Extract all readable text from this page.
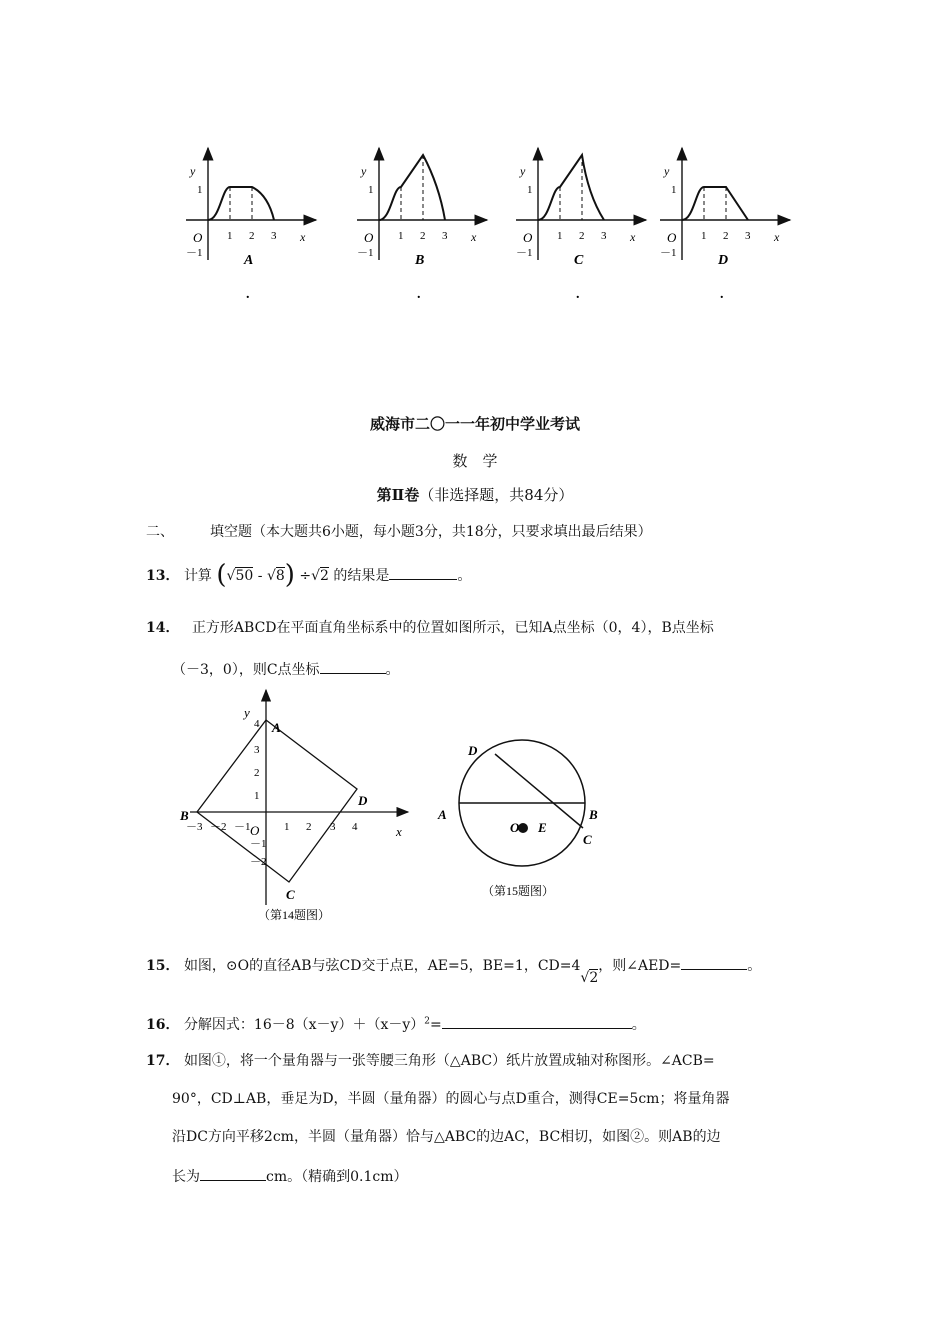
y
1
O
－1
1 2 3 x
A
.
y
1
O
－1
1 2 3 x
B
.
y
1
O
－1
1 2 3 x
C
.
y
1
O
－1
1 2 3 x
D
.
威海市二〇一一年初中学业考试
数　学
第Ⅱ卷（非选择题，共84分）
二、	填空题（本大题共6小题，每小题3分，共18分，只要求填出最后结果）
13． 计算 (√50 - √8) ÷√2 的结果是	。
14． 正方形ABCD在平面直角坐标系中的位置如图所示，已知A点坐标（0，4），B点坐标
（－3，0），则C点坐标	。
y
A
B
C
D
O	x
－3 －2 －1	1 2 3 4
4
3
2
1
－1
－2
（第14题图）
D
A	B
C
O E
（第15题图）
15． 如图，⊙O的直径AB与弦CD交于点E，AE=5，BE=1，CD=4√2，则∠AED=	。
16． 分解因式：$16-8(x-y)+(x-y)^2=$	。
17． 如图①，将一个量角器与一张等腰三角形（△ABC）纸片放置成轴对称图形。∠ACB=
90°，CD⊥AB，垂足为D，半圆（量角器）的圆心与点D重合，测得CE=5cm；将量角器
沿DC方向平移2cm，半圆（量角器）恰与△ABC的边AC，BC相切，如图②。则AB的边
长为	cm。（精确到0.1cm）
